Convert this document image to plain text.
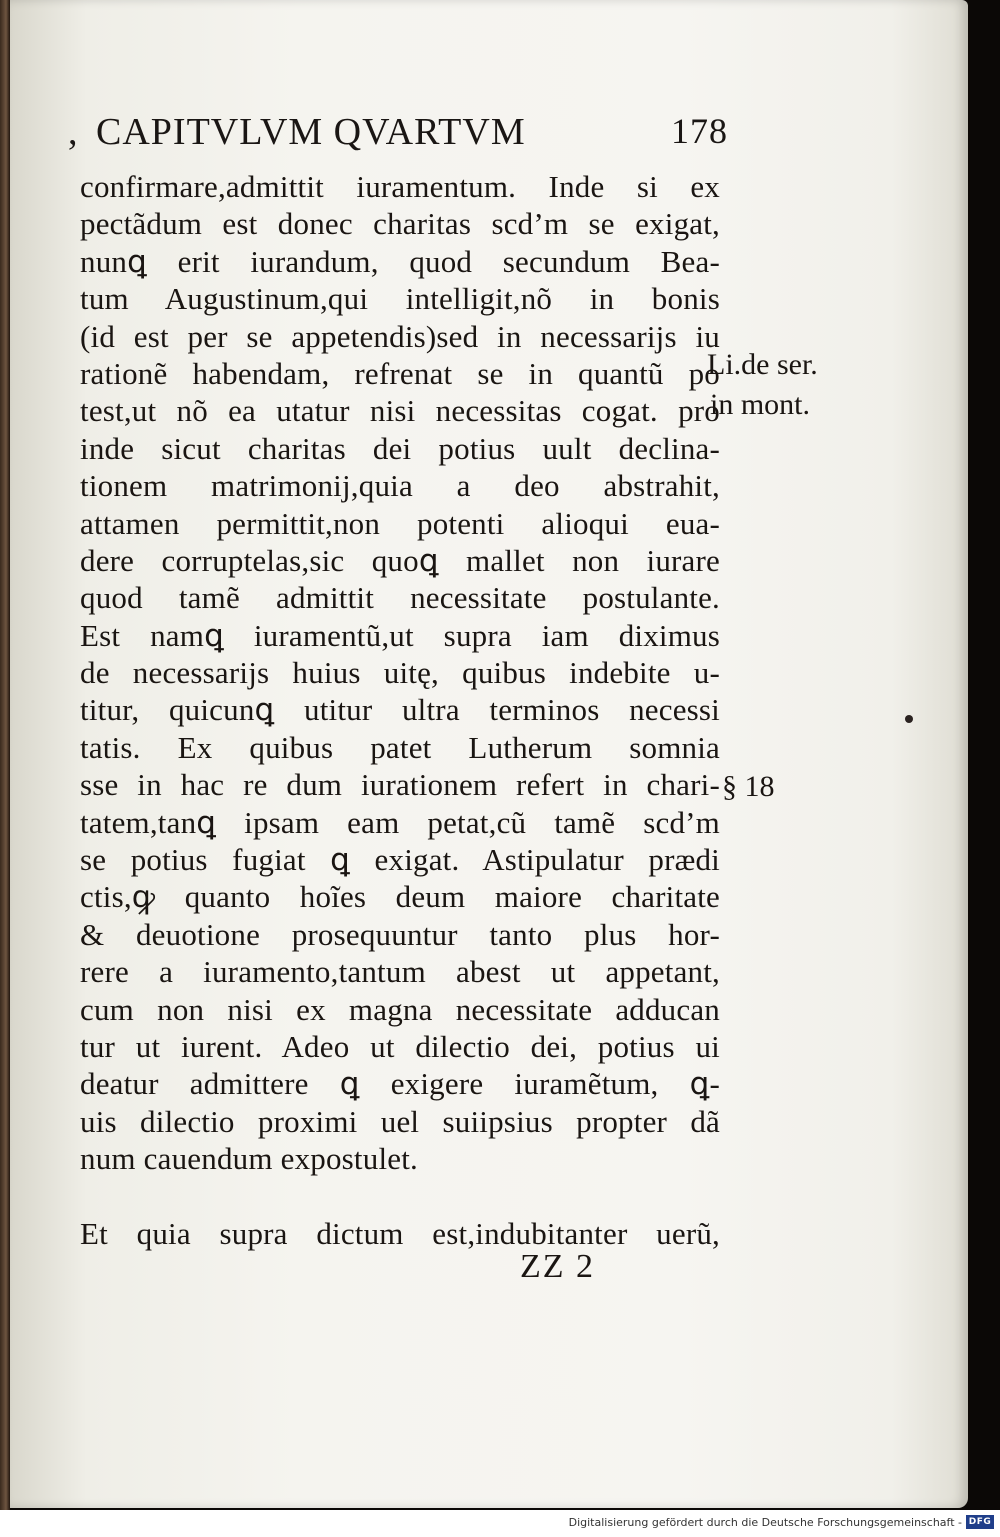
, CAPITVLVM QVARTVM	178
confirmare,admittit iuramentum. Inde si ex
pectãdum est donec charitas scd’m se exigat,
nunꝗ erit iurandum, quod secundum Bea-
tum Augustinum,qui intelligit,nõ in bonis
(id est per se appetendis)sed in necessarijs iu
rationẽ habendam, refrenat se in quantũ po
test,ut nõ ea utatur nisi necessitas cogat. pro
inde sicut charitas dei potius uult declina-
tionem matrimonij,quia a deo abstrahit,
attamen permittit,non potenti alioqui eua-
dere corruptelas,sic quoꝗ mallet non iurare
quod tamẽ admittit necessitate postulante.
Est namꝗ iuramentũ,ut supra iam diximus
de necessarijs huius uitę, quibus indebite u-
titur, quicunꝗ utitur ultra terminos necessi
tatis. Ex quibus patet Lutherum somnia
sse in hac re dum iurationem refert in chari-
tatem,tanꝗ ipsam eam petat,cũ tamẽ scd’m
se potius fugiat ꝗ exigat. Astipulatur prædi
ctis,ꝙ quanto hoĩes deum maiore charitate
& deuotione prosequuntur tanto plus hor-
rere a iuramento,tantum abest ut appetant,
cum non nisi ex magna necessitate adducan
tur ut iurent. Adeo ut dilectio dei, potius ui
deatur admittere ꝗ exigere iuramẽtum, ꝗ-
uis dilectio proximi uel suiipsius propter dã
num cauendum expostulet.
Et quia supra dictum est,indubitanter uerũ,
Li.de ser.
in mont.
§ 18
ZZ 2
Digitalisierung gefördert durch die Deutsche Forschungsgemeinschaft - DFG
